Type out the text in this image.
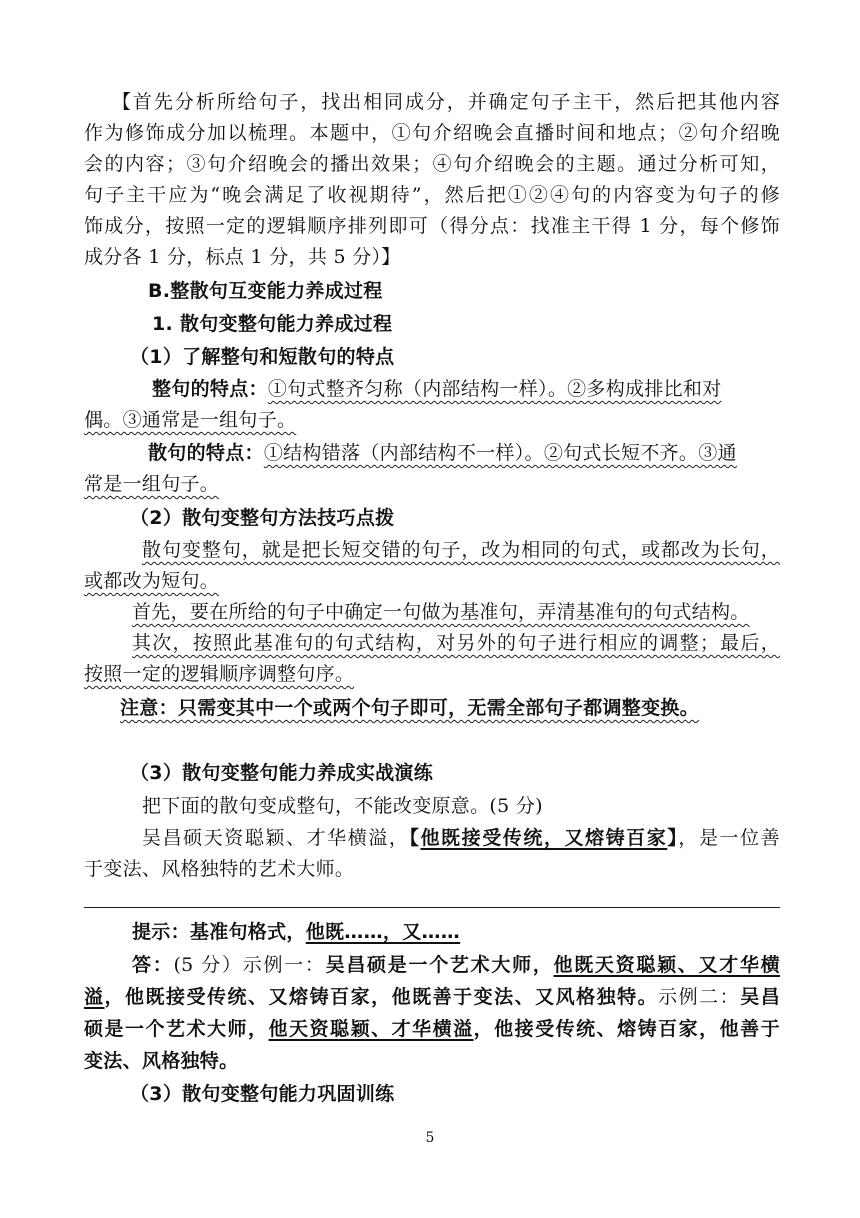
【首先分析所给句子，找出相同成分，并确定句子主干，然后把其他内容
作为修饰成分加以梳理。本题中，①句介绍晚会直播时间和地点；②句介绍晚
会的内容；③句介绍晚会的播出效果；④句介绍晚会的主题。通过分析可知，
句子主干应为“晚会满足了收视期待”，然后把①②④句的内容变为句子的修
饰成分，按照一定的逻辑顺序排列即可（得分点：找准主干得 1 分，每个修饰
成分各 1 分，标点 1 分，共 5 分）】
B.整散句互变能力养成过程
1. 散句变整句能力养成过程
（1）了解整句和短散句的特点
整句的特点：①句式整齐匀称（内部结构一样）。②多构成排比和对
偶。③通常是一组句子。
散句的特点：①结构错落（内部结构不一样）。②句式长短不齐。③通
常是一组句子。
（2）散句变整句方法技巧点拨
散句变整句，就是把长短交错的句子，改为相同的句式，或都改为长句，
或都改为短句。
首先，要在所给的句子中确定一句做为基准句，弄清基准句的句式结构。
其次，按照此基准句的句式结构，对另外的句子进行相应的调整；最后，
按照一定的逻辑顺序调整句序。
注意：只需变其中一个或两个句子即可，无需全部句子都调整变换。
（3）散句变整句能力养成实战演练
把下面的散句变成整句，不能改变原意。(5 分)
吴昌硕天资聪颖、才华横溢，【他既接受传统，又熔铸百家】，是一位善
于变法、风格独特的艺术大师。
提示：基准句格式，他既……，又……
答：(5 分）示例一：吴昌硕是一个艺术大师，他既天资聪颖、又才华横
溢，他既接受传统、又熔铸百家，他既善于变法、又风格独特。示例二：吴昌
硕是一个艺术大师，他天资聪颖、才华横溢，他接受传统、熔铸百家，他善于
变法、风格独特。
（3）散句变整句能力巩固训练
5
